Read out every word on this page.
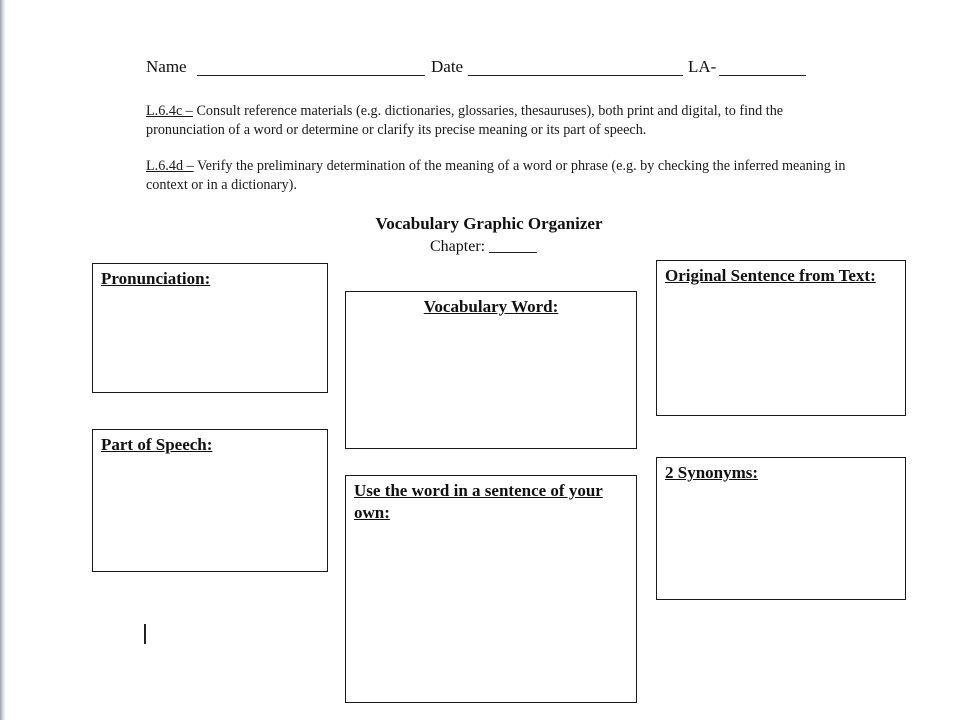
Name	Date	LA-
L.6.4c – Consult reference materials (e.g. dictionaries, glossaries, thesauruses), both print and digital, to find the pronunciation of a word or determine or clarify its precise meaning or its part of speech.
L.6.4d – Verify the preliminary determination of the meaning of a word or phrase (e.g. by checking the inferred meaning in context or in a dictionary).
Vocabulary Graphic Organizer
Chapter:
Pronunciation:
Vocabulary Word:
Original Sentence from Text:
Part of Speech:
Use the word in a sentence of your own:
2 Synonyms:
